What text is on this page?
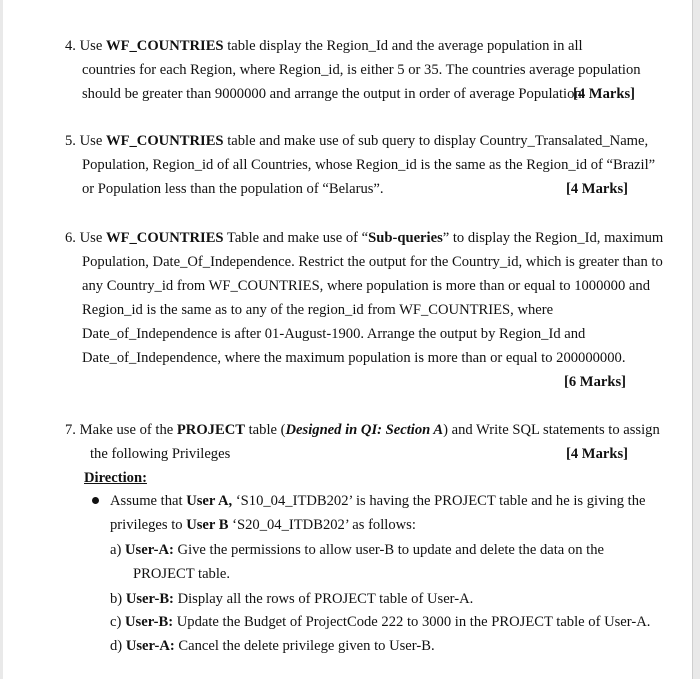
4. Use WF_COUNTRIES table display the Region_Id and the average population in all
countries for each Region, where Region_id, is either 5 or 35. The countries average population
should be greater than 9000000 and arrange the output in order of average Population.
[4 Marks]
5. Use WF_COUNTRIES table and make use of sub query to display Country_Transalated_Name,
Population, Region_id of all Countries, whose Region_id is the same as the Region_id of “Brazil”
or Population less than the population of “Belarus”.	[4 Marks]
6. Use WF_COUNTRIES Table and make use of “Sub-queries” to display the Region_Id, maximum
Population, Date_Of_Independence. Restrict the output for the Country_id, which is greater than to
any Country_id from WF_COUNTRIES, where population is more than or equal to 1000000 and
Region_id is the same as to any of the region_id from WF_COUNTRIES, where
Date_of_Independence is after 01-August-1900. Arrange the output by Region_Id and
Date_of_Independence, where the maximum population is more than or equal to 200000000.
[6 Marks]
7. Make use of the PROJECT table (Designed in QI: Section A) and Write SQL statements to assign
the following Privileges	[4 Marks]
Direction:
Assume that User A, ‘S10_04_ITDB202’ is having the PROJECT table and he is giving the
privileges to User B ‘S20_04_ITDB202’ as follows:
a) User-A: Give the permissions to allow user-B to update and delete the data on the
PROJECT table.
b) User-B: Display all the rows of PROJECT table of User-A.
c) User-B: Update the Budget of ProjectCode 222 to 3000 in the PROJECT table of User-A.
d) User-A: Cancel the delete privilege given to User-B.
